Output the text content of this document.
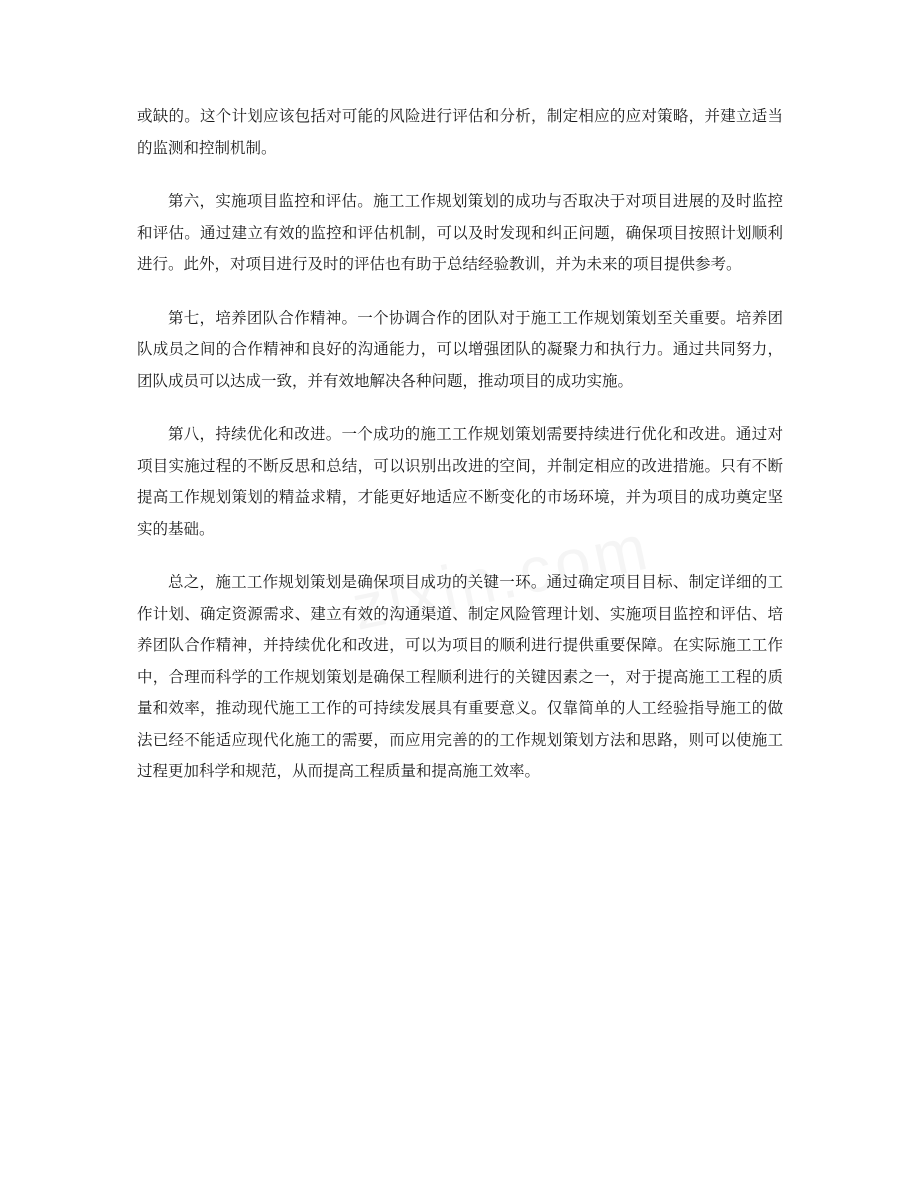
或缺的。这个计划应该包括对可能的风险进行评估和分析，制定相应的应对策略，并建立适当的监测和控制机制。

第六，实施项目监控和评估。施工工作规划策划的成功与否取决于对项目进展的及时监控和评估。通过建立有效的监控和评估机制，可以及时发现和纠正问题，确保项目按照计划顺利进行。此外，对项目进行及时的评估也有助于总结经验教训，并为未来的项目提供参考。

第七，培养团队合作精神。一个协调合作的团队对于施工工作规划策划至关重要。培养团队成员之间的合作精神和良好的沟通能力，可以增强团队的凝聚力和执行力。通过共同努力，团队成员可以达成一致，并有效地解决各种问题，推动项目的成功实施。

第八，持续优化和改进。一个成功的施工工作规划策划需要持续进行优化和改进。通过对项目实施过程的不断反思和总结，可以识别出改进的空间，并制定相应的改进措施。只有不断提高工作规划策划的精益求精，才能更好地适应不断变化的市场环境，并为项目的成功奠定坚实的基础。

总之，施工工作规划策划是确保项目成功的关键一环。通过确定项目目标、制定详细的工作计划、确定资源需求、建立有效的沟通渠道、制定风险管理计划、实施项目监控和评估、培养团队合作精神，并持续优化和改进，可以为项目的顺利进行提供重要保障。在实际施工工作中，合理而科学的工作规划策划是确保工程顺利进行的关键因素之一，对于提高施工工程的质量和效率，推动现代施工工作的可持续发展具有重要意义。仅靠简单的人工经验指导施工的做法已经不能适应现代化施工的需要，而应用完善的的工作规划策划方法和思路，则可以使施工过程更加科学和规范，从而提高工程质量和提高施工效率。
